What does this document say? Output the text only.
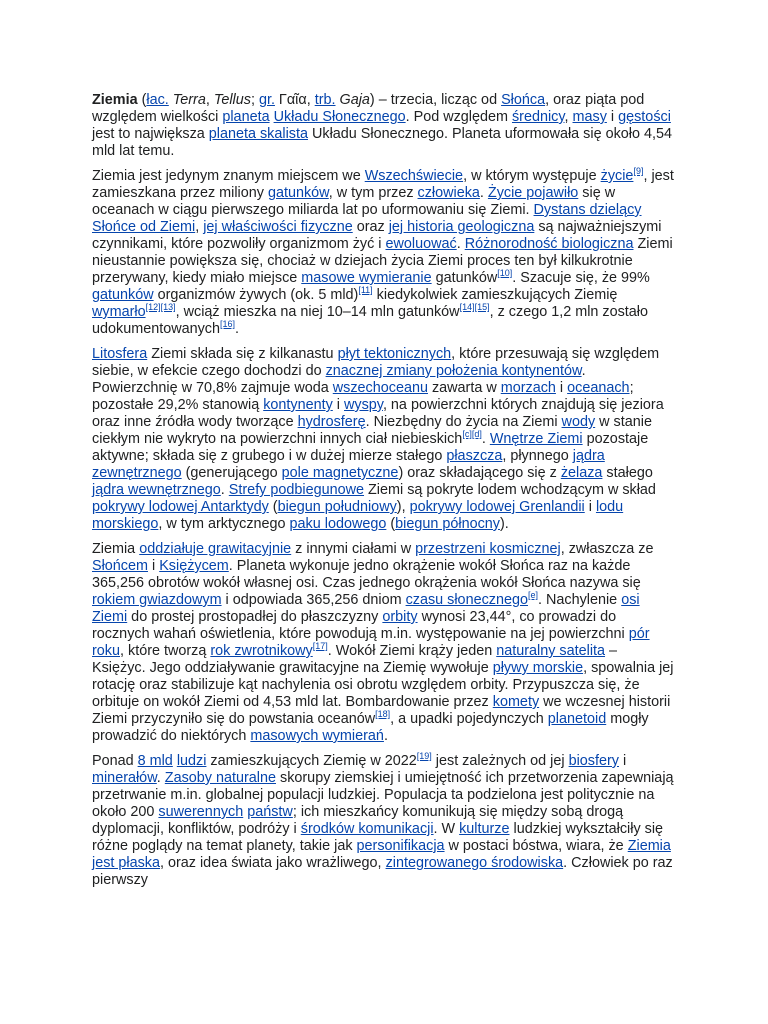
Ziemia (łac. Terra, Tellus; gr. Γαῖα, trb. Gaja) – trzecia, licząc od Słońca, oraz piąta pod względem wielkości planeta Układu Słonecznego. Pod względem średnicy, masy i gęstości jest to największa planeta skalista Układu Słonecznego. Planeta uformowała się około 4,54 mld lat temu.

Ziemia jest jedynym znanym miejscem we Wszechświecie, w którym występuje życie[9], jest zamieszkana przez miliony gatunków, w tym przez człowieka. Życie pojawiło się w oceanach w ciągu pierwszego miliarda lat po uformowaniu się Ziemi. Dystans dzielący Słońce od Ziemi, jej właściwości fizyczne oraz jej historia geologiczna są najważniejszymi czynnikami, które pozwoliły organizmom żyć i ewoluować. Różnorodność biologiczna Ziemi nieustannie powiększa się, chociaż w dziejach życia Ziemi proces ten był kilkukrotnie przerywany, kiedy miało miejsce masowe wymieranie gatunków[10]. Szacuje się, że 99% gatunków organizmów żywych (ok. 5 mld)[11] kiedykolwiek zamieszkujących Ziemię wymarło[12][13], wciąż mieszka na niej 10–14 mln gatunków[14][15], z czego 1,2 mln zostało udokumentowanych[16].

Litosfera Ziemi składa się z kilkanastu płyt tektonicznych, które przesuwają się względem siebie, w efekcie czego dochodzi do znacznej zmiany położenia kontynentów. Powierzchnię w 70,8% zajmuje woda wszechoceanu zawarta w morzach i oceanach; pozostałe 29,2% stanowią kontynenty i wyspy, na powierzchni których znajdują się jeziora oraz inne źródła wody tworzące hydrosferę. Niezbędny do życia na Ziemi wody w stanie ciekłym nie wykryto na powierzchni innych ciał niebieskich[c][d]. Wnętrze Ziemi pozostaje aktywne; składa się z grubego i w dużej mierze stałego płaszcza, płynnego jądra zewnętrznego (generującego pole magnetyczne) oraz składającego się z żelaza stałego jądra wewnętrznego. Strefy podbiegunowe Ziemi są pokryte lodem wchodzącym w skład pokrywy lodowej Antarktydy (biegun południowy), pokrywy lodowej Grenlandii i lodu morskiego, w tym arktycznego paku lodowego (biegun północny).

Ziemia oddziałuje grawitacyjnie z innymi ciałami w przestrzeni kosmicznej, zwłaszcza ze Słońcem i Księżycem. Planeta wykonuje jedno okrążenie wokół Słońca raz na każde 365,256 obrotów wokół własnej osi. Czas jednego okrążenia wokół Słońca nazywa się rokiem gwiazdowym i odpowiada 365,256 dniom czasu słonecznego[e]. Nachylenie osi Ziemi do prostej prostopadłej do płaszczyzny orbity wynosi 23,44°, co prowadzi do rocznych wahań oświetlenia, które powodują m.in. występowanie na jej powierzchni pór roku, które tworzą rok zwrotnikowy[17]. Wokół Ziemi krąży jeden naturalny satelita – Księżyc. Jego oddziaływanie grawitacyjne na Ziemię wywołuje pływy morskie, spowalnia jej rotację oraz stabilizuje kąt nachylenia osi obrotu względem orbity. Przypuszcza się, że orbituje on wokół Ziemi od 4,53 mld lat. Bombardowanie przez komety we wczesnej historii Ziemi przyczyniło się do powstania oceanów[18], a upadki pojedynczych planetoid mogły prowadzić do niektórych masowych wymierań.

Ponad 8 mld ludzi zamieszkujących Ziemię w 2022[19] jest zależnych od jej biosfery i minerałów. Zasoby naturalne skorupy ziemskiej i umiejętność ich przetworzenia zapewniają przetrwanie m.in. globalnej populacji ludzkiej. Populacja ta podzielona jest politycznie na około 200 suwerennych państw; ich mieszkańcy komunikują się między sobą drogą dyplomacji, konfliktów, podróży i środków komunikacji. W kulturze ludzkiej wykształciły się różne poglądy na temat planety, takie jak personifikacja w postaci bóstwa, wiara, że Ziemia jest płaska, oraz idea świata jako wrażliwego, zintegrowanego środowiska. Człowiek po raz pierwszy
